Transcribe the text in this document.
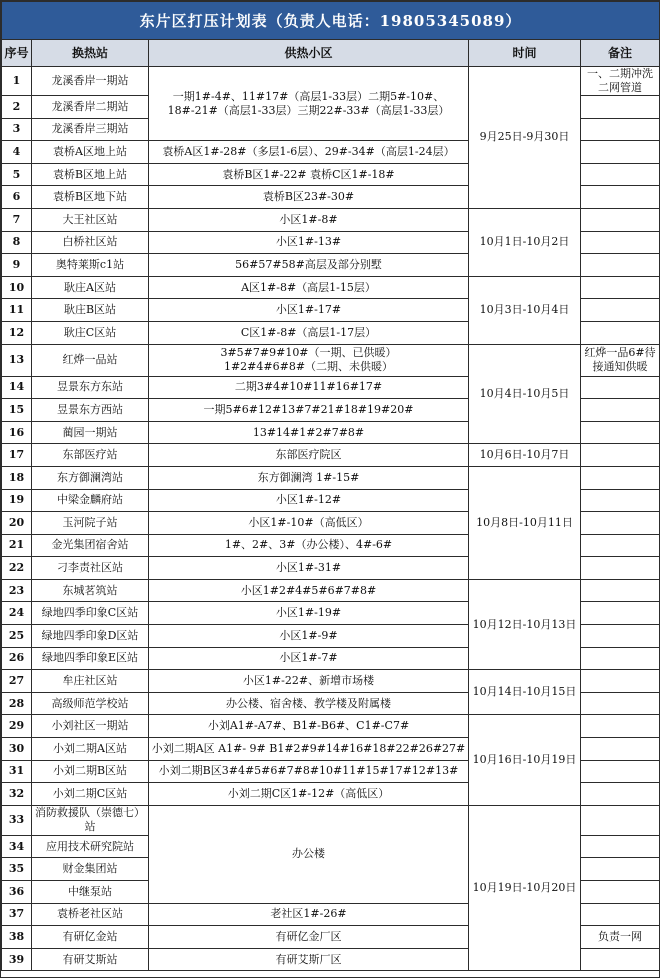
东片区打压计划表（负责人电话：19805345089）				
序号	换热站	供热小区	时间	备注
1	龙溪香岸一期站	一期1#-4#、11#17#（高层1-33层）二期5#-10#、18#-21#（高层1-33层）三期22#-33#（高层1-33层）	9月25日-9月30日	一、二期冲洗二网管道
2	龙溪香岸二期站			
3	龙溪香岸三期站			
4	袁桥A区地上站	袁桥A区1#-28#（多层1-6层）、29#-34#（高层1-24层）		
5	袁桥B区地上站	袁桥B区1#-22# 袁桥C区1#-18#		
6	袁桥B区地下站	袁桥B区23#-30#		
7	大王社区站	小区1#-8#	10月1日-10月2日	
8	白桥社区站	小区1#-13#		
9	奥特莱斯c1站	56#57#58#高层及部分别墅		
10	耿庄A区站	A区1#-8#（高层1-15层）	10月3日-10月4日	
11	耿庄B区站	小区1#-17#		
12	耿庄C区站	C区1#-8#（高层1-17层）		
13	红烨一品站	3#5#7#9#10#（一期、已供暖）
1#2#4#6#8#（二期、未供暖）	10月4日-10月5日	红烨一品6#待接通知供暖
14	昱景东方东站	二期3#4#10#11#16#17#		
15	昱景东方西站	一期5#6#12#13#7#21#18#19#20#		
16	蔺园一期站	13#14#1#2#7#8#		
17	东部医疗站	东部医疗院区	10月6日-10月7日	
18	东方御澜湾站	东方御澜湾 1#-15#	10月8日-10月11日	
19	中梁金麟府站	小区1#-12#		
20	玉河院子站	小区1#-10#（高低区）		
21	金光集团宿舍站	1#、2#、3#（办公楼）、4#-6#		
22	刁李责社区站	小区1#-31#		
23	东城茗筑站	小区1#2#4#5#6#7#8#	10月12日-10月13日	
24	绿地四季印象C区站	小区1#-19#		
25	绿地四季印象D区站	小区1#-9#		
26	绿地四季印象E区站	小区1#-7#		
27	牟庄社区站	小区1#-22#、新增市场楼	10月14日-10月15日	
28	高级师范学校站	办公楼、宿舍楼、教学楼及附属楼		
29	小刘社区一期站	小刘A1#-A7#、B1#-B6#、C1#-C7#	10月16日-10月19日	
30	小刘二期A区站	小刘二期A区 A1#- 9# B1#2#9#14#16#18#22#26#27#		
31	小刘二期B区站	小刘二期B区3#4#5#6#7#8#10#11#15#17#12#13#		
32	小刘二期C区站	小刘二期C区1#-12#（高低区）		
33	消防救援队（崇德七）站	办公楼	10月19日-10月20日	
34	应用技术研究院站			
35	财金集团站			
36	中继泵站			
37	袁桥老社区站	老社区1#-26#		
38	有研亿金站	有研亿金厂区		负责一网
39	有研艾斯站	有研艾斯厂区		
